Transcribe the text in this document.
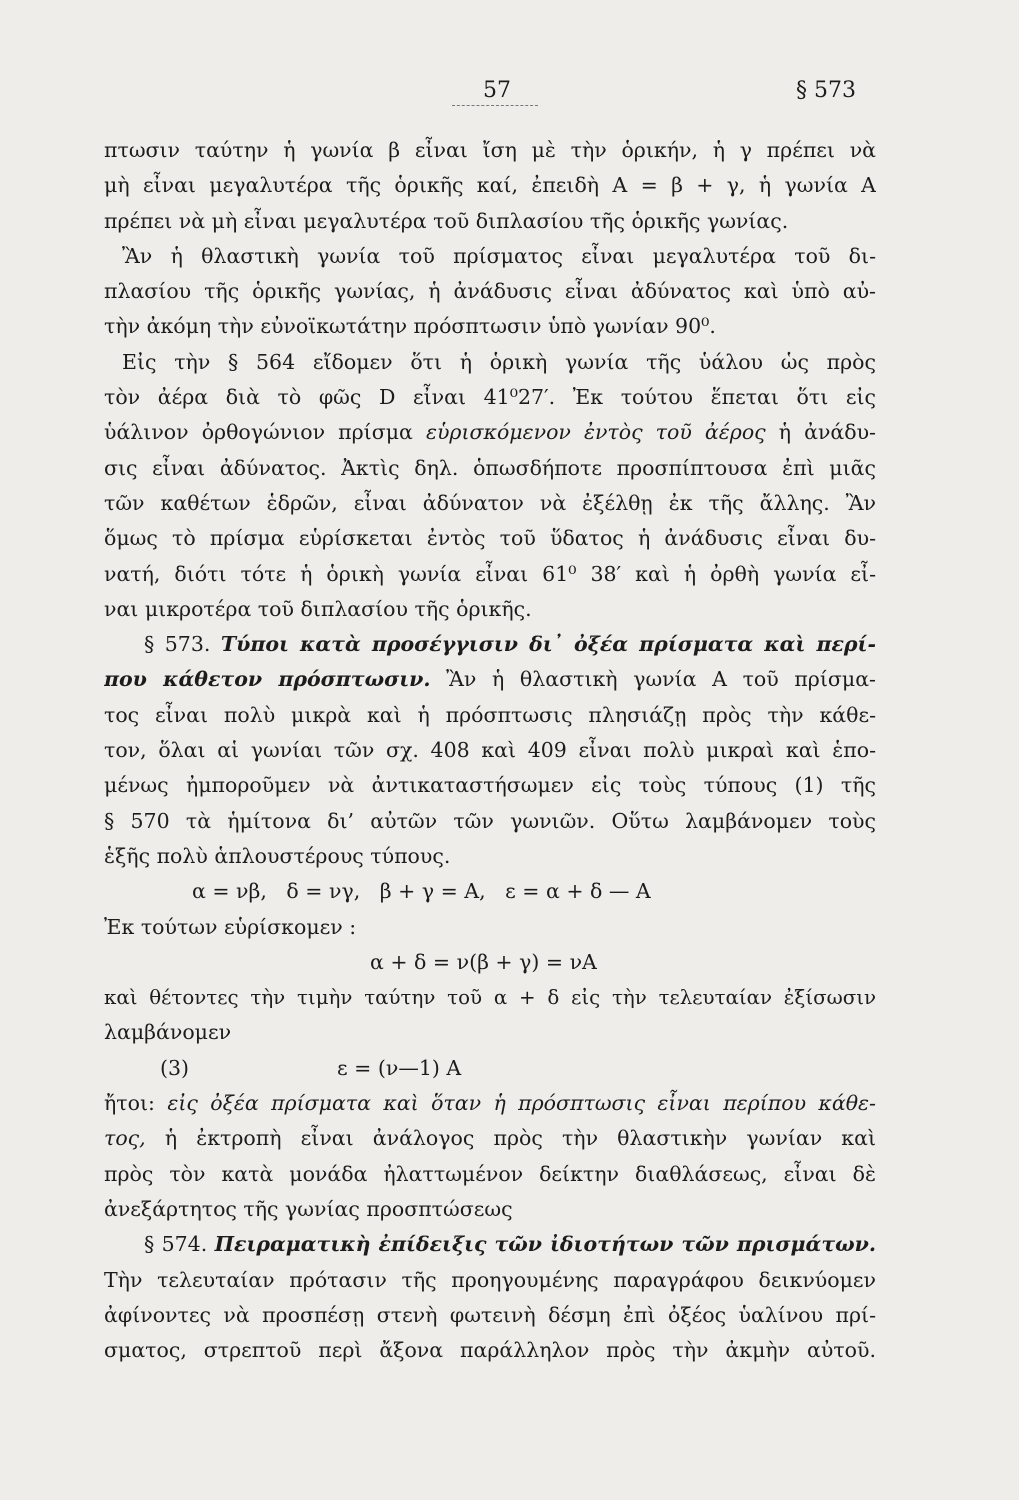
57	§ 573
πτωσιν ταύτην ἡ γωνία β εἶναι ἴση μὲ τὴν ὁρικήν, ἡ γ πρέπει νὰ
μὴ εἶναι μεγαλυτέρα τῆς ὁρικῆς καί, ἐπειδὴ Α = β + γ, ἡ γωνία Α
πρέπει νὰ μὴ εἶναι μεγαλυτέρα τοῦ διπλασίου τῆς ὁρικῆς γωνίας.
Ἂν ἡ θλαστικὴ γωνία τοῦ πρίσματος εἶναι μεγαλυτέρα τοῦ δι-
πλασίου τῆς ὁρικῆς γωνίας, ἡ ἀνάδυσις εἶναι ἀδύνατος καὶ ὑπὸ αὐ-
τὴν ἀκόμη τὴν εὐνοϊκωτάτην πρόσπτωσιν ὑπὸ γωνίαν 90⁰.
Εἰς τὴν § 564 εἴδομεν ὅτι ἡ ὁρικὴ γωνία τῆς ὑάλου ὡς πρὸς
τὸν ἀέρα διὰ τὸ φῶς D εἶναι 41⁰27′. Ἐκ τούτου ἕπεται ὅτι εἰς
ὑάλινον ὀρθογώνιον πρίσμα εὑρισκόμενον ἐντὸς τοῦ ἀέρος ἡ ἀνάδυ-
σις εἶναι ἀδύνατος. Ἀκτὶς δηλ. ὁπωσδήποτε προσπίπτουσα ἐπὶ μιᾶς
τῶν καθέτων ἑδρῶν, εἶναι ἀδύνατον νὰ ἐξέλθῃ ἐκ τῆς ἄλλης. Ἂν
ὅμως τὸ πρίσμα εὑρίσκεται ἐντὸς τοῦ ὕδατος ἡ ἀνάδυσις εἶναι δυ-
νατή, διότι τότε ἡ ὁρικὴ γωνία εἶναι 61⁰ 38′ καὶ ἡ ὀρθὴ γωνία εἶ-
ναι μικροτέρα τοῦ διπλασίου τῆς ὁρικῆς.
§ 573. Τύποι κατὰ προσέγγισιν δι᾽ ὀξέα πρίσματα καὶ περί-
που κάθετον πρόσπτωσιν. Ἂν ἡ θλαστικὴ γωνία Α τοῦ πρίσμα-
τος εἶναι πολὺ μικρὰ καὶ ἡ πρόσπτωσις πλησιάζῃ πρὸς τὴν κάθε-
τον, ὅλαι αἱ γωνίαι τῶν σχ. 408 καὶ 409 εἶναι πολὺ μικραὶ καὶ ἑπο-
μένως ἠμποροῦμεν νὰ ἀντικαταστήσωμεν εἰς τοὺς τύπους (1) τῆς
§ 570 τὰ ἡμίτονα δι’ αὐτῶν τῶν γωνιῶν. Οὕτω λαμβάνομεν τοὺς
ἑξῆς πολὺ ἁπλουστέρους τύπους.
α = νβ,   δ = νγ,   β + γ = Α,   ε = α + δ — Α
Ἐκ τούτων εὑρίσκομεν :
α + δ = ν(β + γ) = νΑ
καὶ θέτοντες τὴν τιμὴν ταύτην τοῦ α + δ εἰς τὴν τελευταίαν ἐξίσωσιν
λαμβάνομεν
(3)	ε = (ν—1) Α
ἤτοι: εἰς ὀξέα πρίσματα καὶ ὅταν ἡ πρόσπτωσις εἶναι περίπου κάθε-
τος, ἡ ἐκτροπὴ εἶναι ἀνάλογος πρὸς τὴν θλαστικὴν γωνίαν καὶ
πρὸς τὸν κατὰ μονάδα ἠλαττωμένον δείκτην διαθλάσεως, εἶναι δὲ
ἀνεξάρτητος τῆς γωνίας προσπτώσεως
§ 574. Πειραματικὴ ἐπίδειξις τῶν ἰδιοτήτων τῶν πρισμάτων.
Τὴν τελευταίαν πρότασιν τῆς προηγουμένης παραγράφου δεικνύομεν
ἀφίνοντες νὰ προσπέσῃ στενὴ φωτεινὴ δέσμη ἐπὶ ὀξέος ὑαλίνου πρί-
σματος, στρεπτοῦ περὶ ἄξονα παράλληλον πρὸς τὴν ἀκμὴν αὐτοῦ.
